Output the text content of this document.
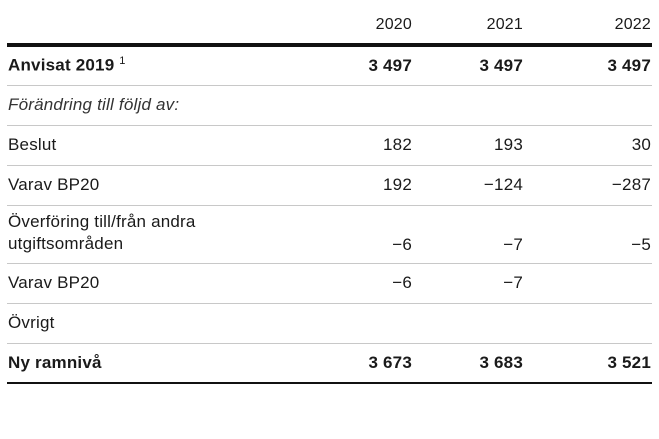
	2020	2021	2022
Anvisat 2019 $^1$	3 497	3 497	3 497
Förändring till följd av:			
Beslut	182	193	30
Varav BP20	192	−124	−287

Överföring till/från andra
utgiftsområden	−6	−7	−5
Varav BP20	−6	−7	
Övrigt			
Ny ramnivå	3 673	3 683	3 521
